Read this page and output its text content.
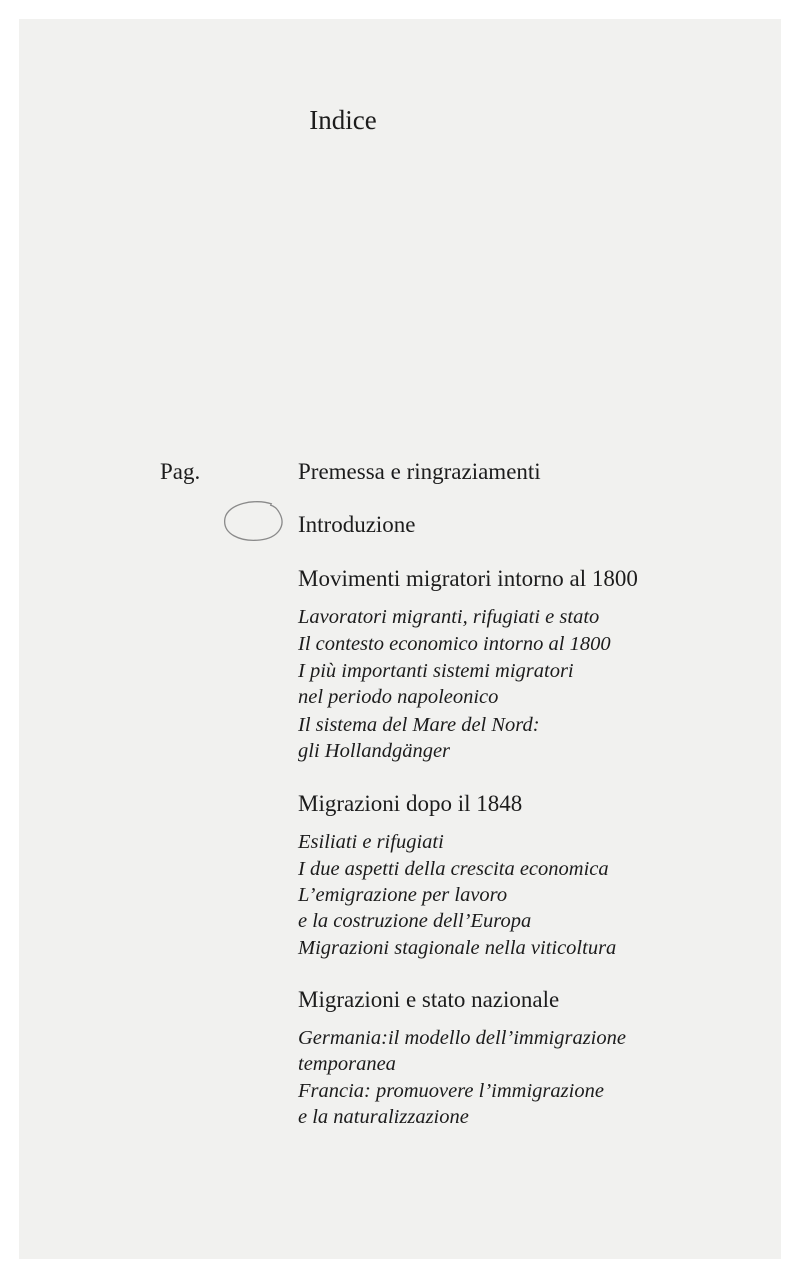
Indice
Pag.	Premessa e ringraziamenti
Introduzione
Movimenti migratori intorno al 1800
Lavoratori migranti, rifugiati e stato
Il contesto economico intorno al 1800
I più importanti sistemi migratori
nel periodo napoleonico
Il sistema del Mare del Nord:
gli Hollandgänger
Migrazioni dopo il 1848
Esiliati e rifugiati
I due aspetti della crescita economica
L’emigrazione per lavoro
e la costruzione dell’Europa
Migrazioni stagionale nella viticoltura
Migrazioni e stato nazionale
Germania:il modello dell’immigrazione
temporanea
Francia: promuovere l’immigrazione
e la naturalizzazione
